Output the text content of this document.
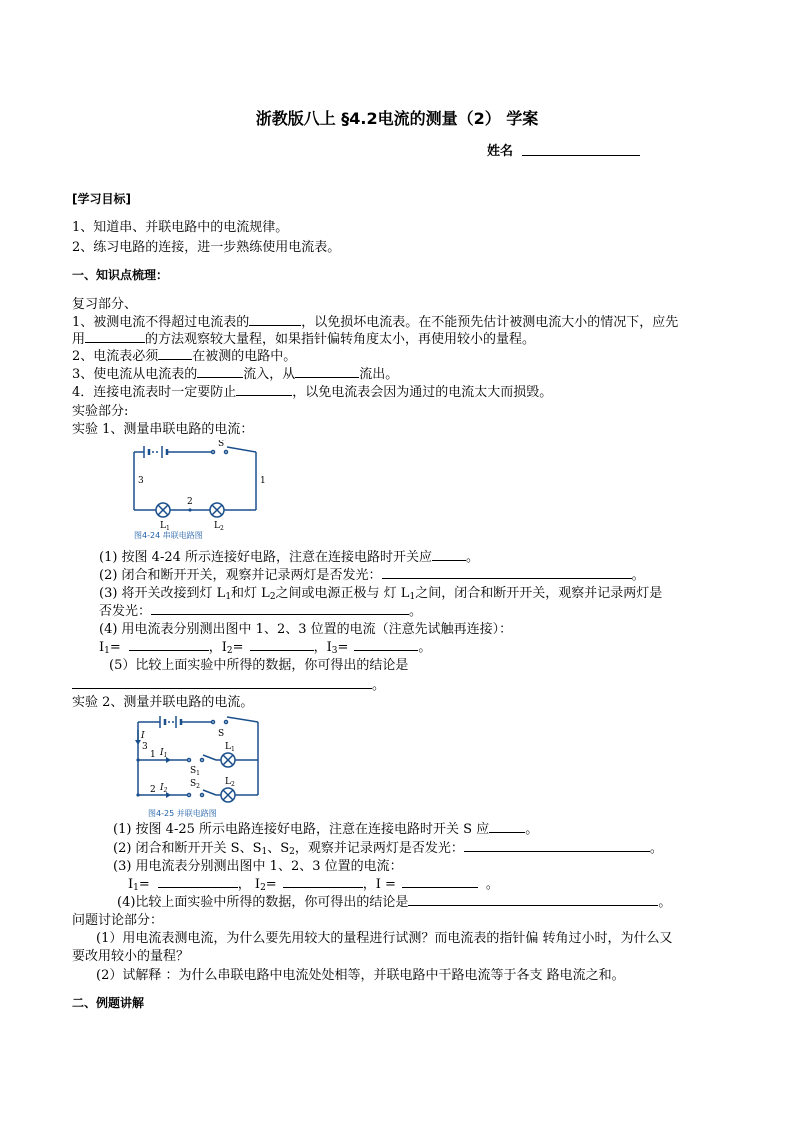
浙教版八上 §4.2电流的测量（2） 学案
姓名
[学习目标]
1、知道串、并联电路中的电流规律。
2、练习电路的连接，进一步熟练使用电流表。
一、知识点梳理：
复习部分、
1、被测电流不得超过电流表的	，以免损坏电流表。在不能预先估计被测电流大小的情况下，应先
用	的方法观察较大量程，如果指针偏转角度太小，再使用较小的量程。
2、电流表必须	在被测的电路中。
3、使电流从电流表的	流入，从	流出。
4．连接电流表时一定要防止	，以免电流表会因为通过的电流太大而损毁。
实验部分:
实验 1、测量串联电路的电流：
S
1
3
2
$L_1$	$L_2$
图4-24 串联电路图
(1) 按图 4-24 所示连接好电路，注意在连接电路时开关应	。
(2) 闭合和断开开关，观察并记录两灯是否发光：	。
(3) 将开关改接到灯 $L_1$和灯 $L_2$之间或电源正极与 灯 $L_1$之间，闭合和断开开关，观察并记录两灯是
否发光：	。
(4) 用电流表分别测出图中 1、2、3 位置的电流（注意先试触再连接）：
$I_1=$	，$I_2=$	，$I_3=$	。
(5）比较上面实验中所得的数据，你可得出的结论是
。
实验 2、测量并联电路的电流。
S
I
3
1
2
$I_1$
$I_2$
$S_1$
$S_2$
$L_1$
$L_2$
图4-25 并联电路图
(1) 按图 4-25 所示电路连接好电路，注意在连接电路时开关 S 应	。
(2) 闭合和断开开关 S、$S_1$、$S_2$，观察并记录两灯是否发光：	。
(3) 用电流表分别测出图中 1、2、3 位置的电流：
$I_1=$	， $I_2=$	，I =	。
(4)比较上面实验中所得的数据，你可得出的结论是	。
问题讨论部分：
(1）用电流表测电流，为什么要先用较大的量程进行试测？而电流表的指针偏 转角过小时，为什么又
要改用较小的量程？
(2）试解释 ：为什么串联电路中电流处处相等，并联电路中干路电流等于各支 路电流之和。
二、例题讲解
